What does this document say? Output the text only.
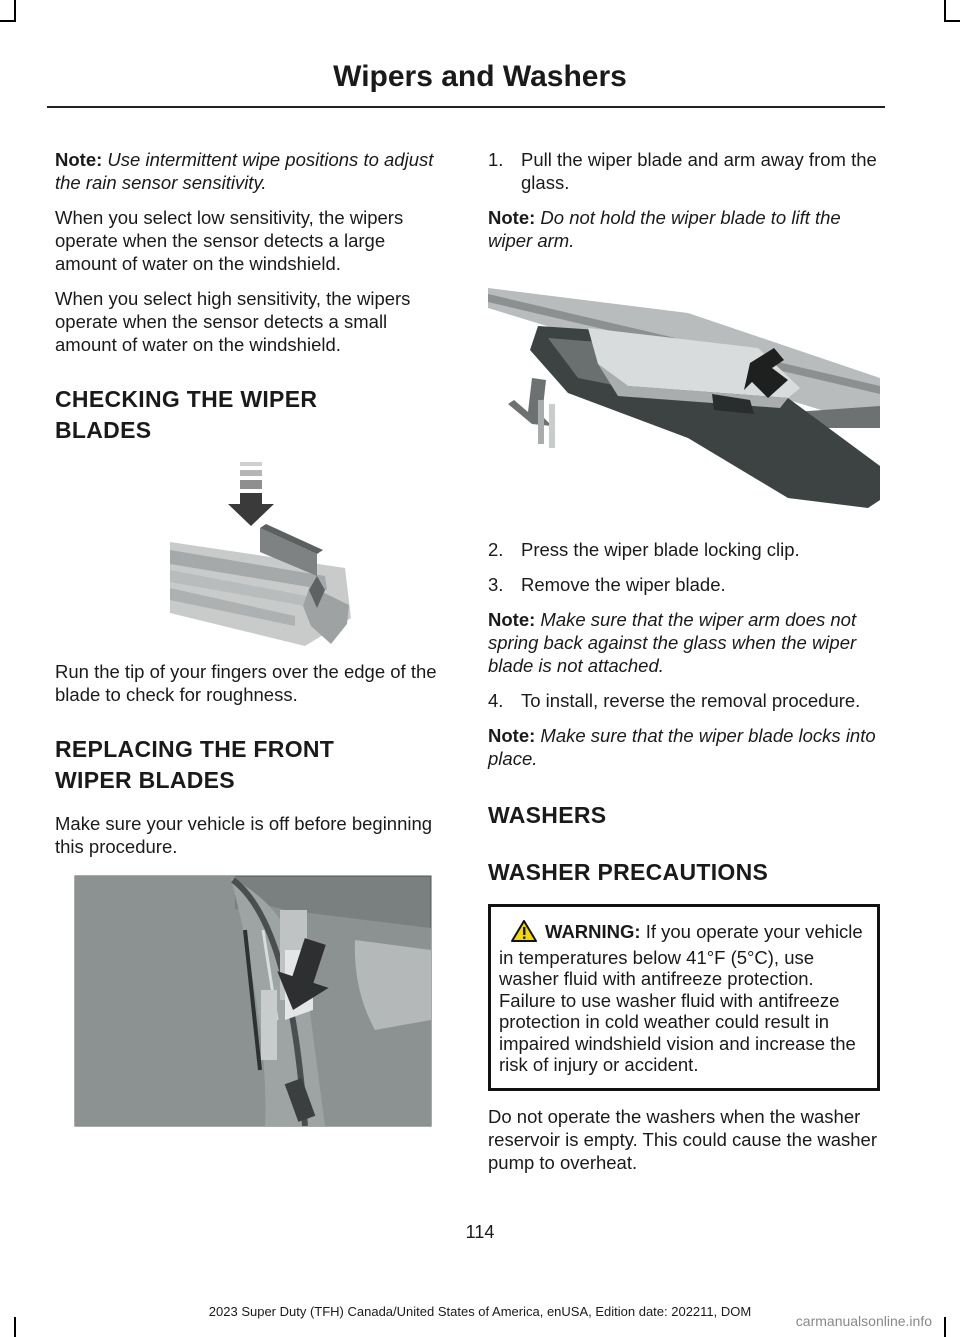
Wipers and Washers

Note: Use intermittent wipe positions to adjust the rain sensor sensitivity.

When you select low sensitivity, the wipers operate when the sensor detects a large amount of water on the windshield.

When you select high sensitivity, the wipers operate when the sensor detects a small amount of water on the windshield.

CHECKING THE WIPER
BLADES

Run the tip of your fingers over the edge of the blade to check for roughness.

REPLACING THE FRONT
WIPER BLADES

Make sure your vehicle is off before beginning this procedure.

1. Pull the wiper blade and arm away from the glass.

Note: Do not hold the wiper blade to lift the wiper arm.

2. Press the wiper blade locking clip.
3. Remove the wiper blade.

Note: Make sure that the wiper arm does not spring back against the glass when the wiper blade is not attached.

4. To install, reverse the removal procedure.

Note: Make sure that the wiper blade locks into place.

WASHERS
WASHER PRECAUTIONS
WARNING: If you operate your vehicle in temperatures below 41°F (5°C), use washer fluid with antifreeze protection. Failure to use washer fluid with antifreeze protection in cold weather could result in impaired windshield vision and increase the risk of injury or accident.

Do not operate the washers when the washer reservoir is empty. This could cause the washer pump to overheat.

114
2023 Super Duty (TFH) Canada/United States of America, enUSA, Edition date: 202211, DOM
carmanualsonline.info
